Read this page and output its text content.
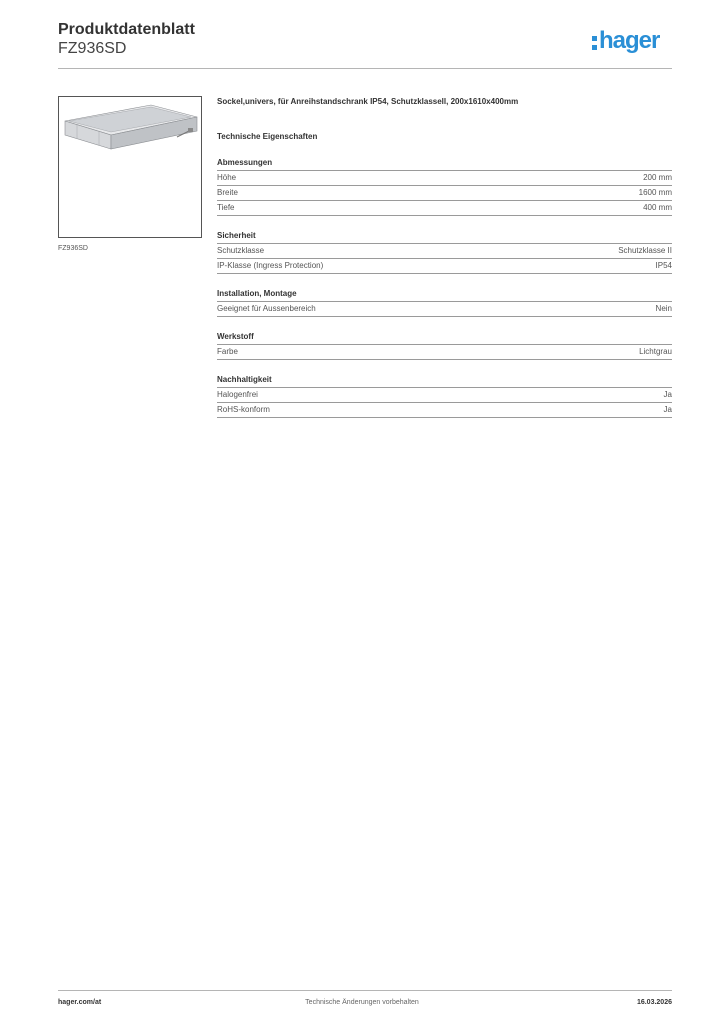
Produktdatenblatt
FZ936SD	hager
FZ936SD
Sockel,univers, für Anreihstandschrank IP54, Schutzklassell, 200x1610x400mm
Technische Eigenschaften
Abmessungen
Höhe	200 mm
Breite	1600 mm
Tiefe	400 mm
Sicherheit
Schutzklasse	Schutzklasse II
IP-Klasse (Ingress Protection)	IP54
Installation, Montage
Geeignet für Aussenbereich	Nein
Werkstoff
Farbe	Lichtgrau
Nachhaltigkeit
Halogenfrei	Ja
RoHS-konform	Ja
hager.com/at	Technische Änderungen vorbehalten	16.03.2026
